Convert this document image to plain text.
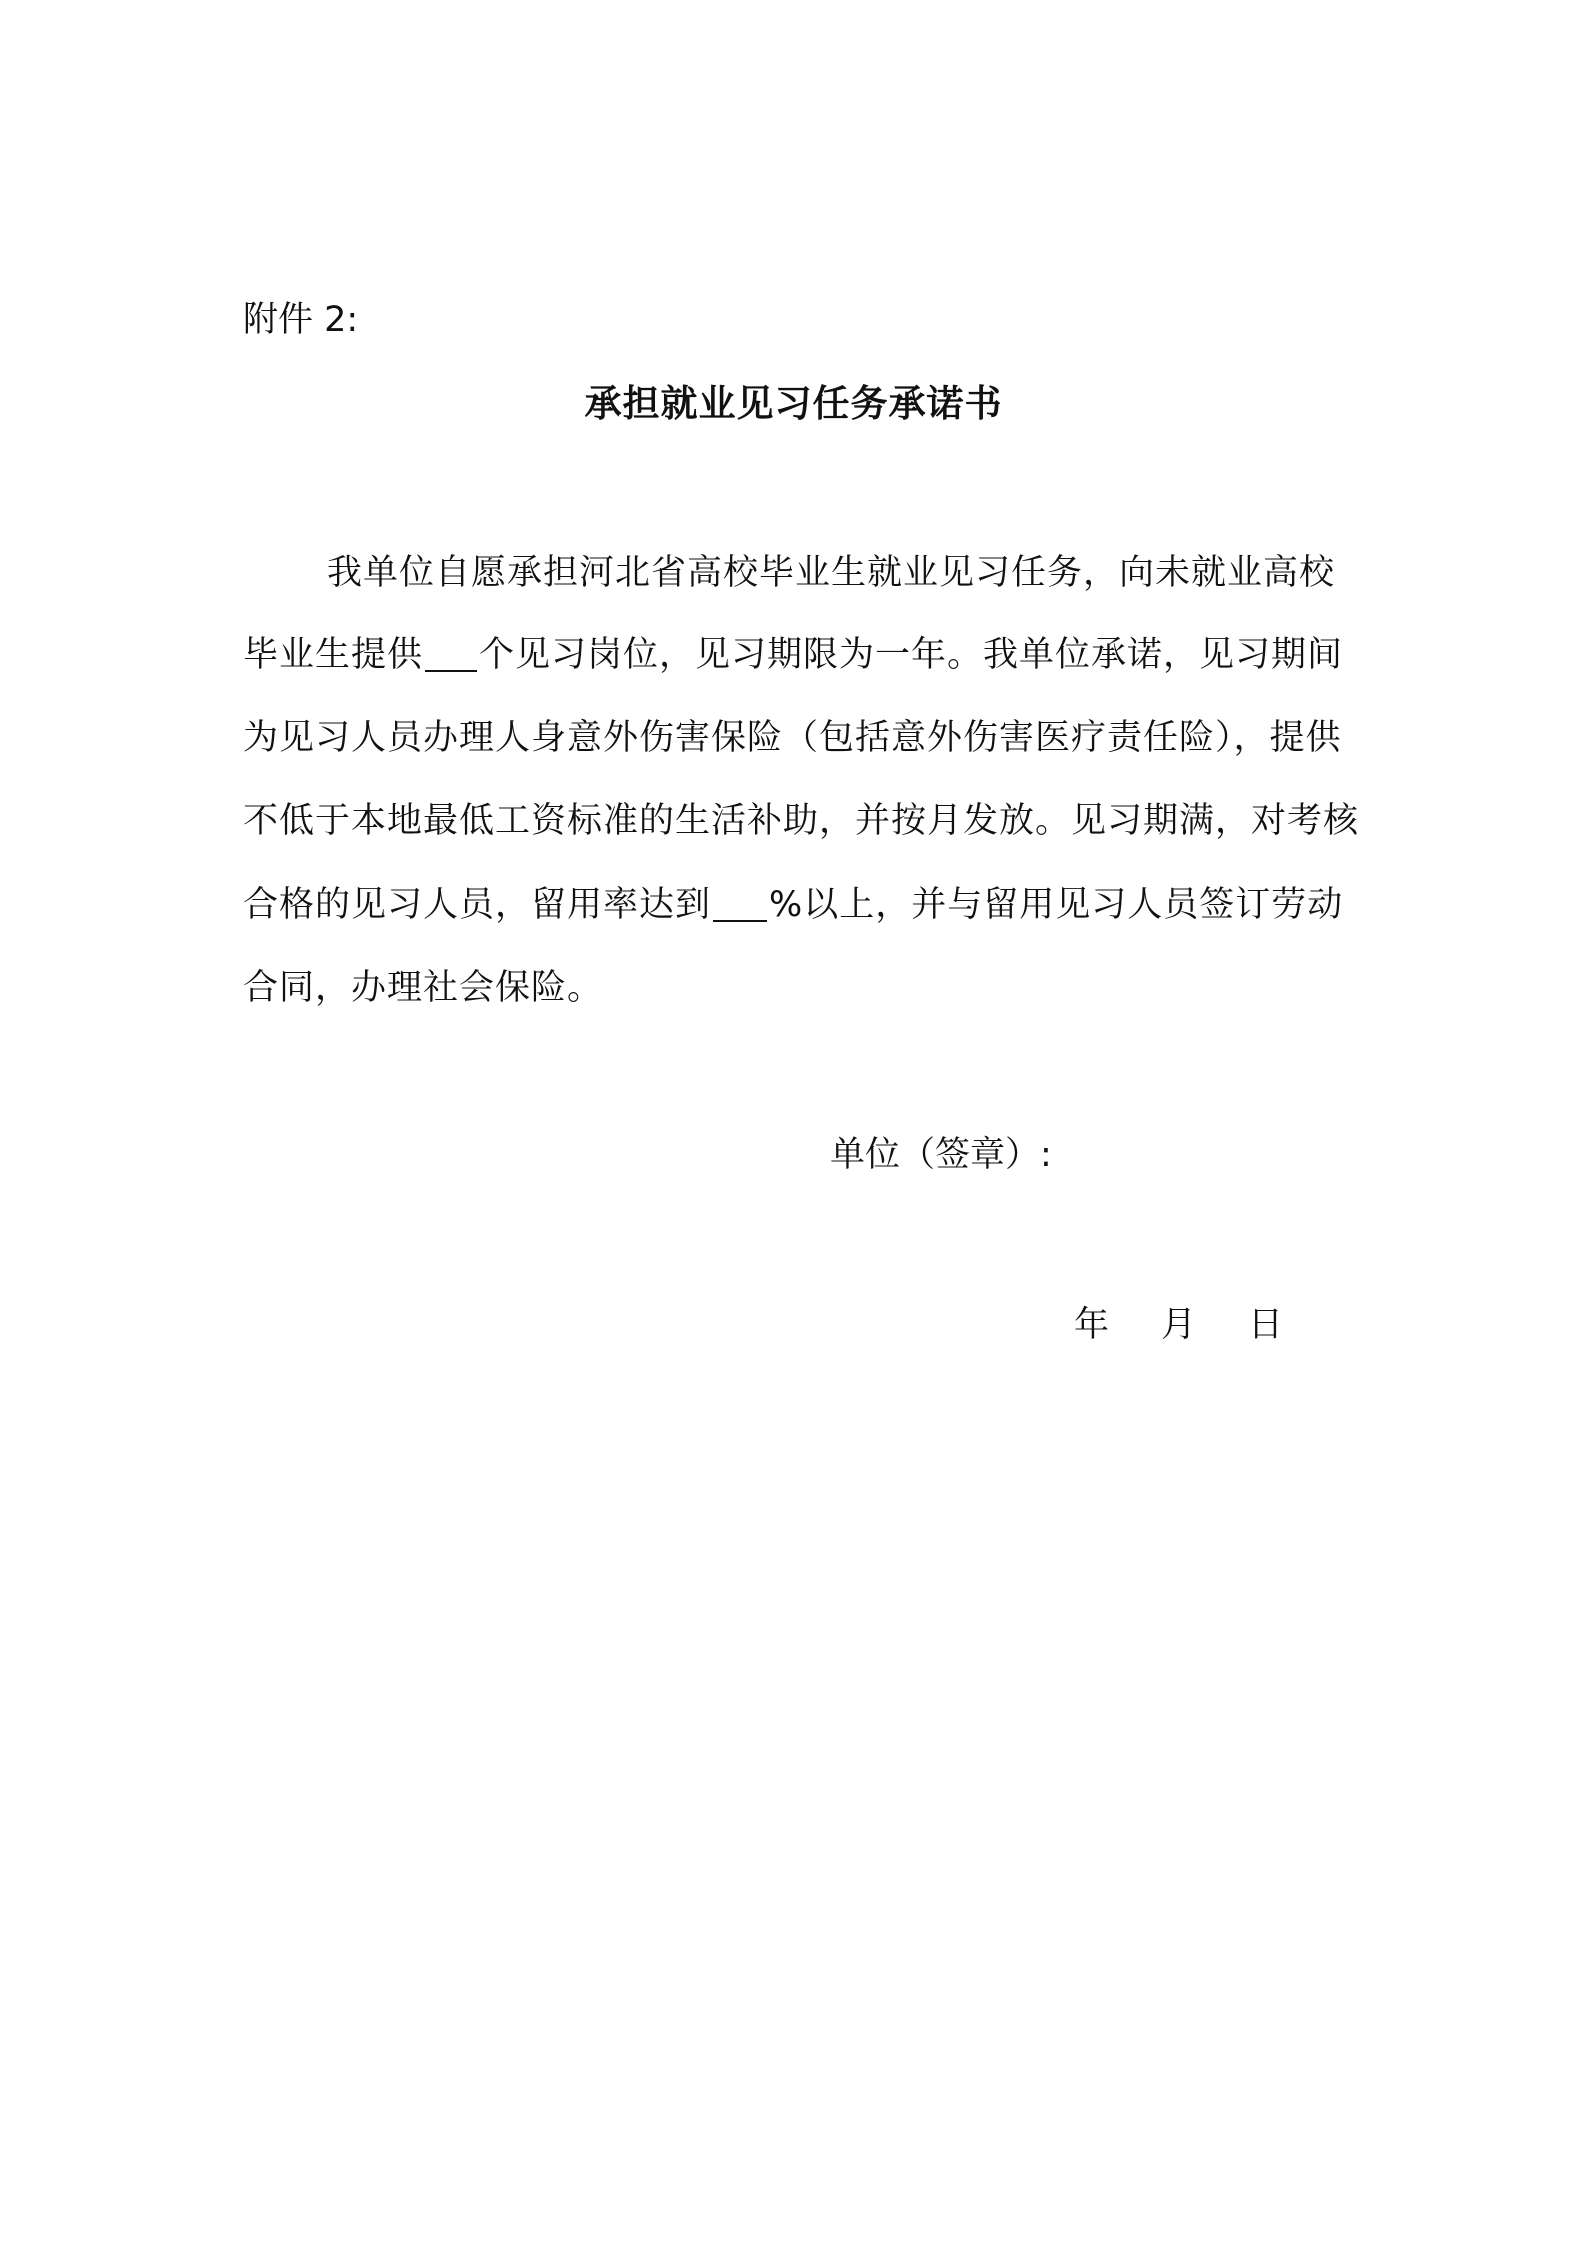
附件 2:
承担就业见习任务承诺书
我单位自愿承担河北省高校毕业生就业见习任务，向未就业高校
毕业生提供 个见习岗位，见习期限为一年。我单位承诺，见习期间
为见习人员办理人身意外伤害保险（包括意外伤害医疗责任险），提供
不低于本地最低工资标准的生活补助，并按月发放。见习期满，对考核
合格的见习人员，留用率达到 %以上，并与留用见习人员签订劳动
合同，办理社会保险。
单位（签章）:
年 月 日
